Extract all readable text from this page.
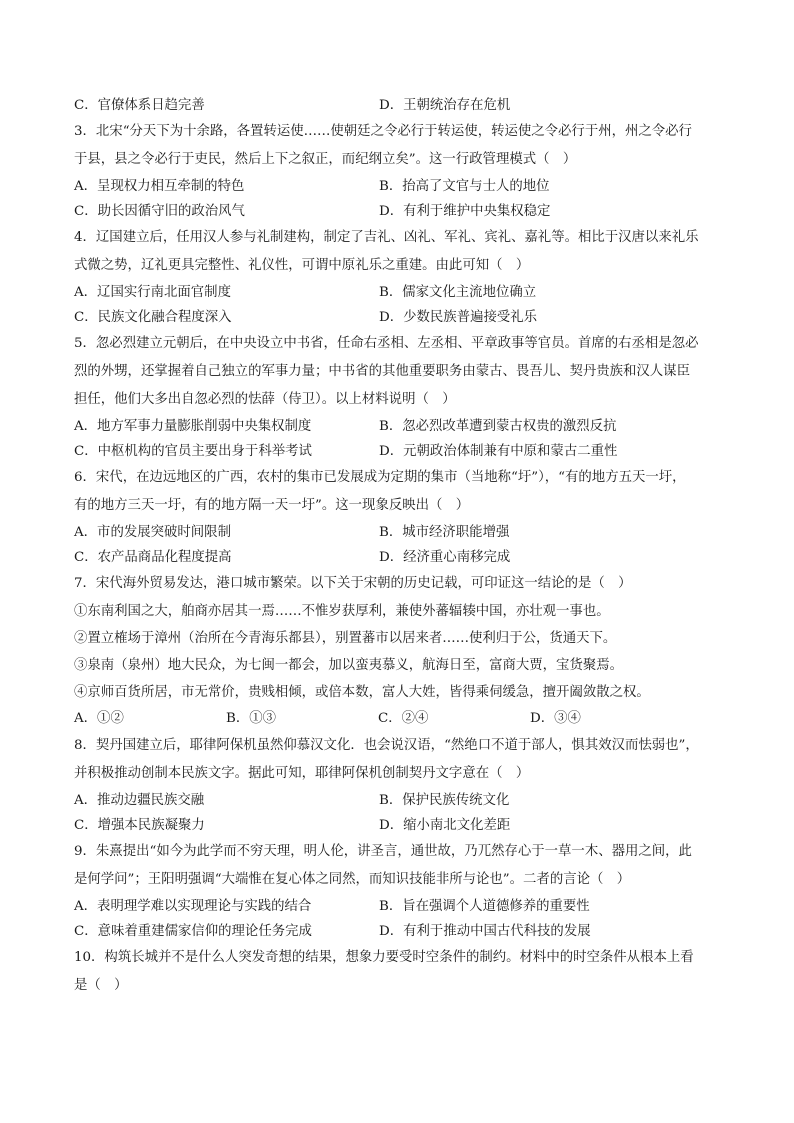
C．官僚体系日趋完善	D．王朝统治存在危机
3．北宋“分天下为十余路，各置转运使……使朝廷之令必行于转运使，转运使之令必行于州，州之令必行
于县，县之令必行于吏民，然后上下之叙正，而纪纲立矣”。这一行政管理模式（　）
A．呈现权力相互牵制的特色	B．抬高了文官与士人的地位
C．助长因循守旧的政治风气	D．有利于维护中央集权稳定
4．辽国建立后，任用汉人参与礼制建构，制定了吉礼、凶礼、军礼、宾礼、嘉礼等。相比于汉唐以来礼乐
式微之势，辽礼更具完整性、礼仪性，可谓中原礼乐之重建。由此可知（　）
A．辽国实行南北面官制度	B．儒家文化主流地位确立
C．民族文化融合程度深入	D．少数民族普遍接受礼乐
5．忽必烈建立元朝后，在中央设立中书省，任命右丞相、左丞相、平章政事等官员。首席的右丞相是忽必
烈的外甥，还掌握着自己独立的军事力量；中书省的其他重要职务由蒙古、畏吾儿、契丹贵族和汉人谋臣
担任，他们大多出自忽必烈的怯薛（侍卫）。以上材料说明（　）
A．地方军事力量膨胀削弱中央集权制度	B．忽必烈改革遭到蒙古权贵的激烈反抗
C．中枢机构的官员主要出身于科举考试	D．元朝政治体制兼有中原和蒙古二重性
6．宋代，在边远地区的广西，农村的集市已发展成为定期的集市（当地称“圩”），“有的地方五天一圩，
有的地方三天一圩，有的地方隔一天一圩”。这一现象反映出（　）
A．市的发展突破时间限制	B．城市经济职能增强
C．农产品商品化程度提高	D．经济重心南移完成
7．宋代海外贸易发达，港口城市繁荣。以下关于宋朝的历史记载，可印证这一结论的是（　）
①东南利国之大，舶商亦居其一焉……不惟岁获厚利，兼使外蕃辐辏中国，亦壮观一事也。
②置立榷场于漳州（治所在今青海乐都县），别置蕃市以居来者……使利归于公，货通天下。
③泉南（泉州）地大民众，为七闽一都会，加以蛮夷慕义，航海日至，富商大贾，宝货聚焉。
④京师百货所居，市无常价，贵贱相倾，或倍本数，富人大姓，皆得乘伺缓急，擅开阖敛散之权。
A．①②	B．①③	C．②④	D．③④
8．契丹国建立后，耶律阿保机虽然仰慕汉文化．也会说汉语，“然绝口不道于部人，惧其效汉而怯弱也”，
并积极推动创制本民族文字。据此可知，耶律阿保机创制契丹文字意在（　）
A．推动边疆民族交融	B．保护民族传统文化
C．增强本民族凝聚力	D．缩小南北文化差距
9．朱熹提出“如今为此学而不穷天理，明人伦，讲圣言，通世故，乃兀然存心于一草一木、器用之间，此
是何学问”；王阳明强调“大端惟在复心体之同然，而知识技能非所与论也”。二者的言论（　）
A．表明理学难以实现理论与实践的结合	B．旨在强调个人道德修养的重要性
C．意味着重建儒家信仰的理论任务完成	D．有利于推动中国古代科技的发展
10．构筑长城并不是什么人突发奇想的结果，想象力要受时空条件的制约。材料中的时空条件从根本上看
是（　）
